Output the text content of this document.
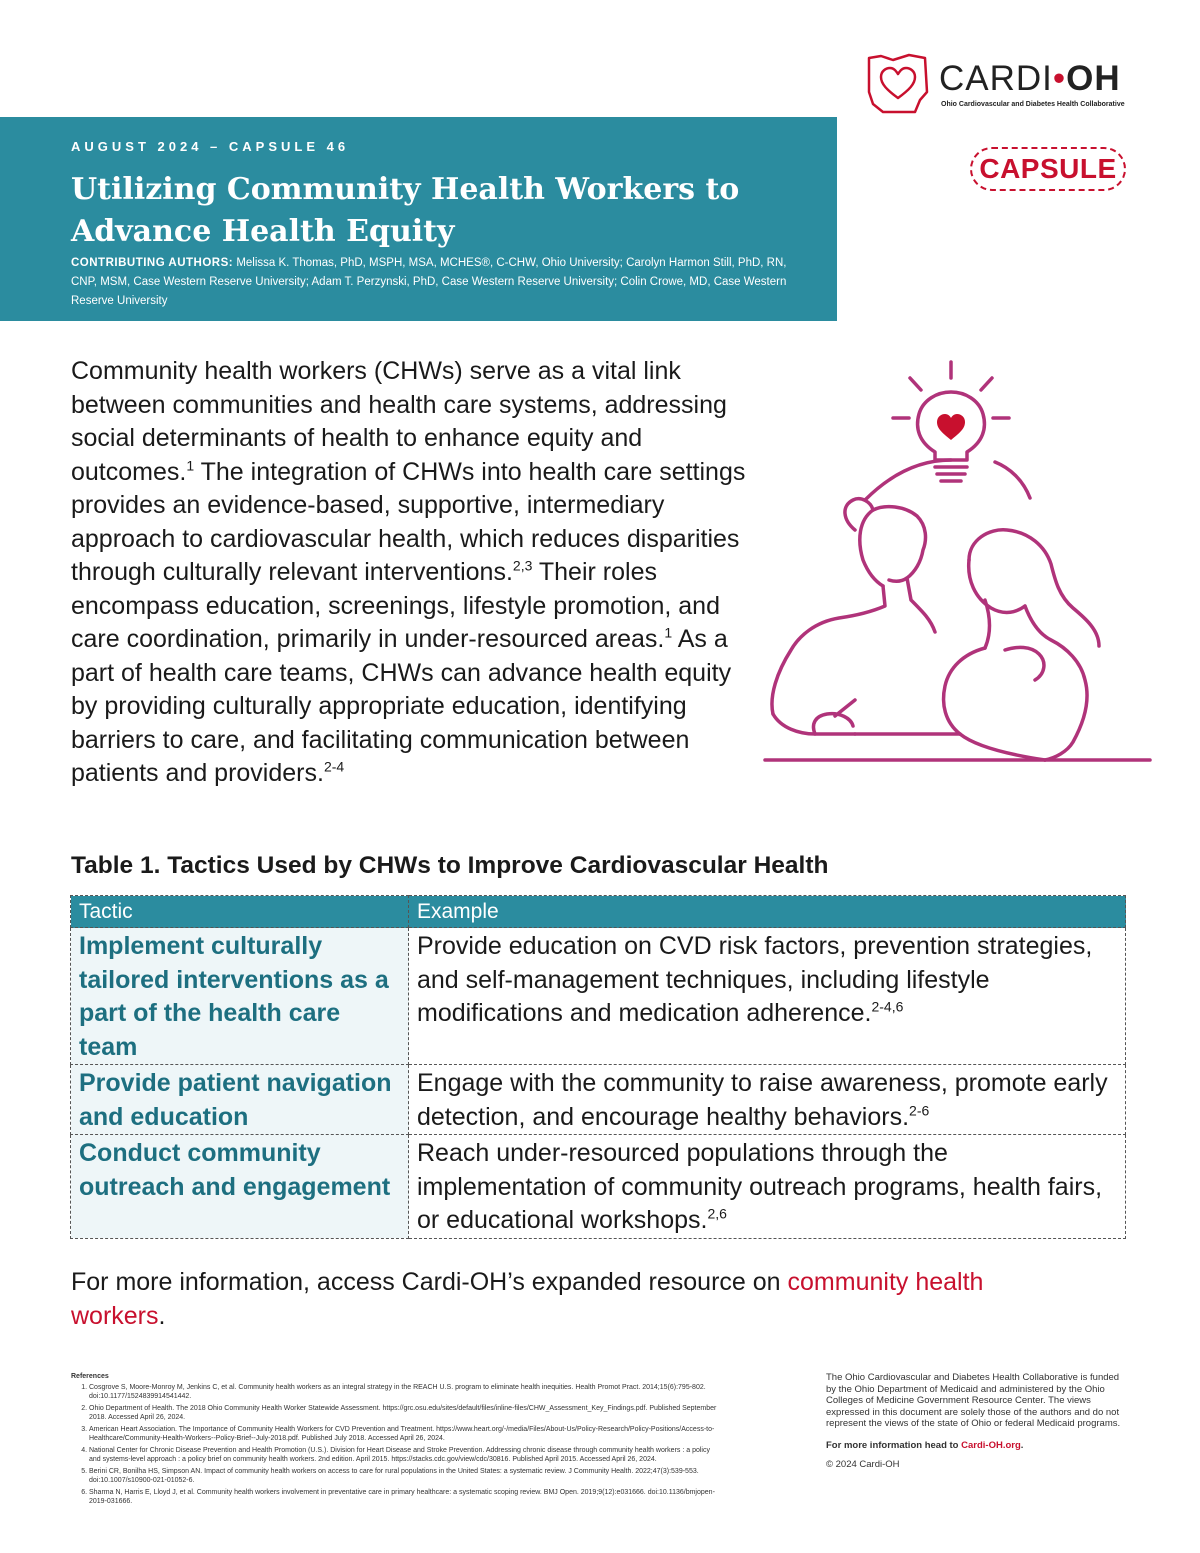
AUGUST 2024 – CAPSULE 46
Utilizing Community Health Workers to
Advance Health Equity
CONTRIBUTING AUTHORS: Melissa K. Thomas, PhD, MSPH, MSA, MCHES®, C-CHW, Ohio University; Carolyn Harmon Still, PhD, RN, CNP, MSM, Case Western Reserve University; Adam T. Perzynski, PhD, Case Western Reserve University; Colin Crowe, MD, Case Western Reserve University
CARDI•OH
Ohio Cardiovascular and Diabetes Health Collaborative
CAPSULE
Community health workers (CHWs) serve as a vital link between communities and health care systems, addressing social determinants of health to enhance equity and outcomes.$^1$ The integration of CHWs into health care settings provides an evidence-based, supportive, intermediary approach to cardiovascular health, which reduces disparities through culturally relevant interventions.$^{2,3}$ Their roles encompass education, screenings, lifestyle promotion, and care coordination, primarily in under-resourced areas.$^1$ As a part of health care teams, CHWs can advance health equity by providing culturally appropriate education, identifying barriers to care, and facilitating communication between patients and providers.$^{2-4}$
Table 1. Tactics Used by CHWs to Improve Cardiovascular Health
Tactic	Example
Implement culturally tailored interventions as a part of the health care team	Provide education on CVD risk factors, prevention strategies, and self-management techniques, including lifestyle modifications and medication adherence.$^{2-4,6}$
Provide patient navigation and education	Engage with the community to raise awareness, promote early detection, and encourage healthy behaviors.$^{2-6}$
Conduct community outreach and engagement	Reach under-resourced populations through the implementation of community outreach programs, health fairs, or educational workshops.$^{2,6}$
For more information, access Cardi-OH’s expanded resource on community health workers.
References
1. Cosgrove S, Moore-Monroy M, Jenkins C, et al. Community health workers as an integral strategy in the REACH U.S. program to eliminate health inequities. Health Promot Pract. 2014;15(6):795-802. doi:10.1177/1524839914541442.
2. Ohio Department of Health. The 2018 Ohio Community Health Worker Statewide Assessment. https://grc.osu.edu/sites/default/files/inline-files/CHW_Assessment_Key_Findings.pdf. Published September 2018. Accessed April 26, 2024.
3. American Heart Association. The Importance of Community Health Workers for CVD Prevention and Treatment. https://www.heart.org/-/media/Files/About-Us/Policy-Research/Policy-Positions/Access-to-Healthcare/Community-Health-Workers--Policy-Brief--July-2018.pdf. Published July 2018. Accessed April 26, 2024.
4. National Center for Chronic Disease Prevention and Health Promotion (U.S.). Division for Heart Disease and Stroke Prevention. Addressing chronic disease through community health workers : a policy and systems-level approach : a policy brief on community health workers. 2nd edition. April 2015. https://stacks.cdc.gov/view/cdc/30816. Published April 2015. Accessed April 26, 2024.
5. Berini CR, Bonilha HS, Simpson AN. Impact of community health workers on access to care for rural populations in the United States: a systematic review. J Community Health. 2022;47(3):539-553. doi:10.1007/s10900-021-01052-6.
6. Sharma N, Harris E, Lloyd J, et al. Community health workers involvement in preventative care in primary healthcare: a systematic scoping review. BMJ Open. 2019;9(12):e031666. doi:10.1136/bmjopen-2019-031666.
The Ohio Cardiovascular and Diabetes Health Collaborative is funded by the Ohio Department of Medicaid and administered by the Ohio Colleges of Medicine Government Resource Center. The views expressed in this document are solely those of the authors and do not represent the views of the state of Ohio or federal Medicaid programs.
For more information head to Cardi-OH.org.
© 2024 Cardi-OH
